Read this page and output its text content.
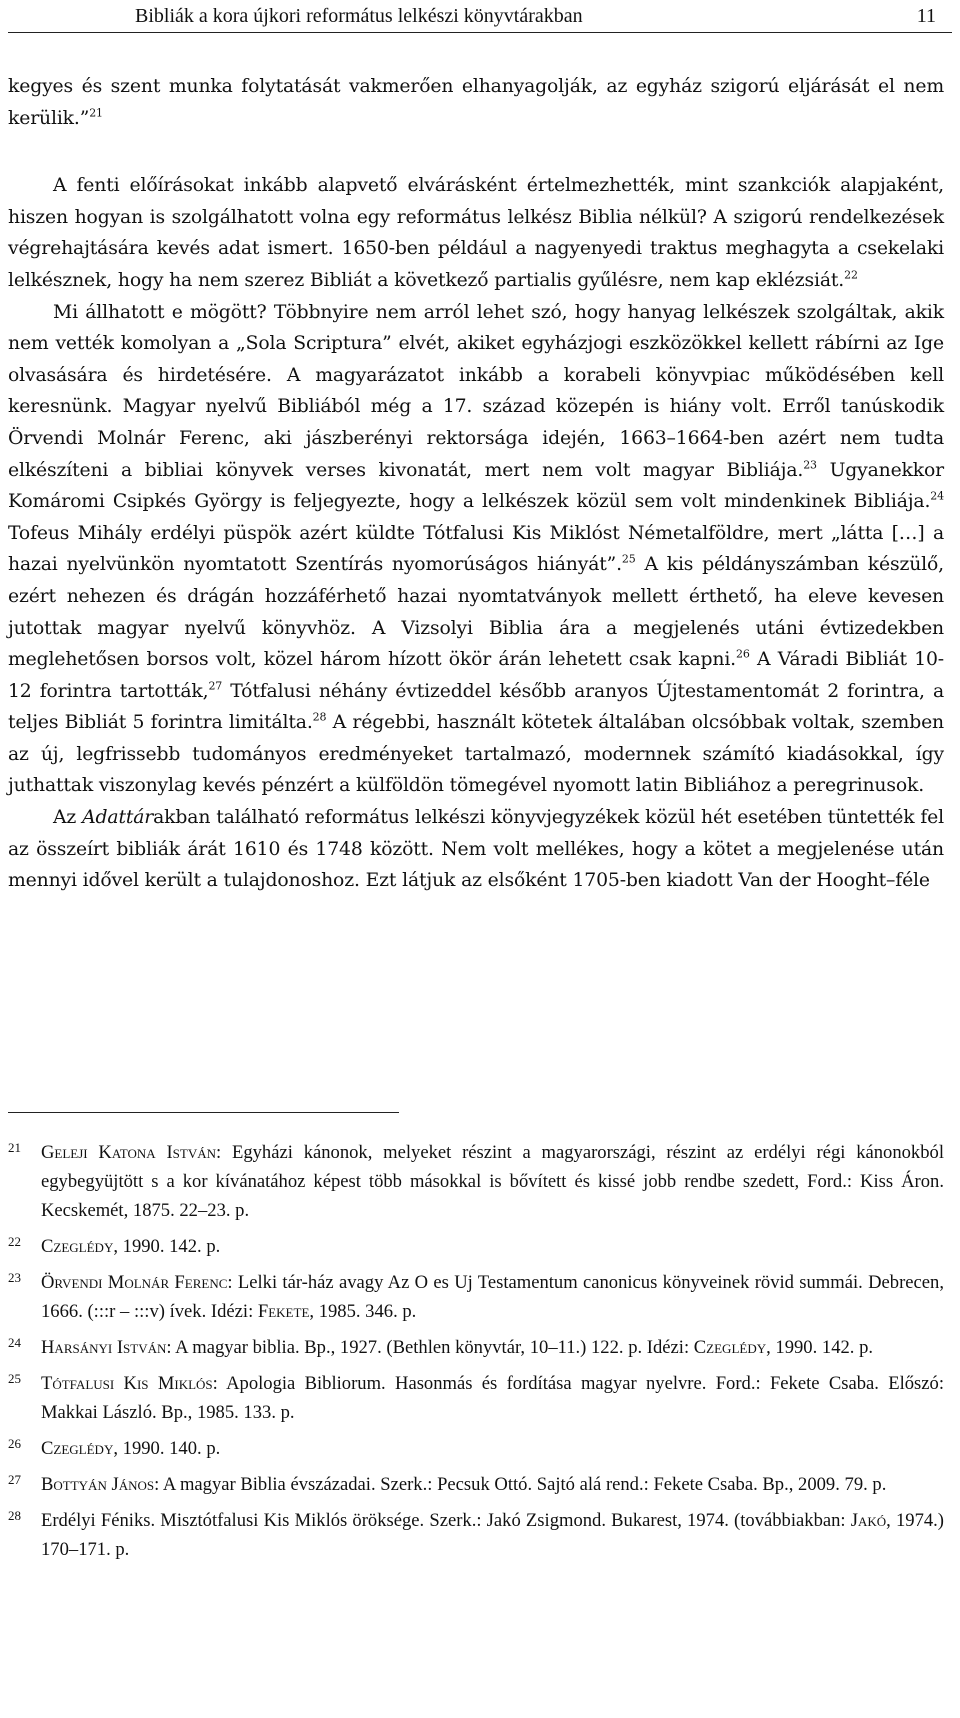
Bibliák a kora újkori református lelkészi könyvtárakban	11

kegyes és szent munka folytatását vakmerően elhanyagolják, az egyház szigorú eljárását el nem kerülik.”$^{21}$

A fenti előírásokat inkább alapvető elvárásként értelmezhették, mint szankciók alapjaként, hiszen hogyan is szolgálhatott volna egy református lelkész Biblia nélkül? A szigorú rendelkezések végrehajtására kevés adat ismert. 1650-ben például a nagyenyedi traktus meghagyta a csekelaki lelkésznek, hogy ha nem szerez Bibliát a következő partialis gyűlésre, nem kap eklézsiát.$^{22}$

Mi állhatott e mögött? Többnyire nem arról lehet szó, hogy hanyag lelkészek szolgáltak, akik nem vették komolyan a „Sola Scriptura” elvét, akiket egyházjogi eszközökkel kellett rábírni az Ige olvasására és hirdetésére. A magyarázatot inkább a korabeli könyvpiac működésében kell keresnünk. Magyar nyelvű Bibliából még a 17. század közepén is hiány volt. Erről tanúskodik Örvendi Molnár Ferenc, aki jászberényi rektorsága idején, 1663–1664-ben azért nem tudta elkészíteni a bibliai könyvek verses kivonatát, mert nem volt magyar Bibliája.$^{23}$ Ugyanekkor Komáromi Csipkés György is feljegyezte, hogy a lelkészek közül sem volt mindenkinek Bibliája.$^{24}$ Tofeus Mihály erdélyi püspök azért küldte Tótfalusi Kis Miklóst Németalföldre, mert „látta […] a hazai nyelvünkön nyomtatott Szentírás nyomorúságos hiányát”.$^{25}$ A kis példányszámban készülő, ezért nehezen és drágán hozzáférhető hazai nyomtatványok mellett érthető, ha eleve kevesen jutottak magyar nyelvű könyvhöz. A Vizsolyi Biblia ára a megjelenés utáni évtizedekben meglehetősen borsos volt, közel három hízott ökör árán lehetett csak kapni.$^{26}$ A Váradi Bibliát 10-12 forintra tartották,$^{27}$ Tótfalusi néhány évtizeddel később aranyos Újtestamentomát 2 forintra, a teljes Bibliát 5 forintra limitálta.$^{28}$ A régebbi, használt kötetek általában olcsóbbak voltak, szemben az új, legfrissebb tudományos eredményeket tartalmazó, modernnek számító kiadásokkal, így juthattak viszonylag kevés pénzért a külföldön tömegével nyomott latin Bibliához a peregrinusok.

Az Adattárakban található református lelkészi könyvjegyzékek közül hét esetében tüntették fel az összeírt bibliák árát 1610 és 1748 között. Nem volt mellékes, hogy a kötet a megjelenése után mennyi idővel került a tulajdonoshoz. Ezt látjuk az elsőként 1705-ben kiadott Van der Hooght–féle

21 Geleji Katona István: Egyházi kánonok, melyeket részint a magyarországi, részint az erdélyi régi kánonokból egybegyüjtött s a kor kívánatához képest több másokkal is bővített és kissé jobb rendbe szedett, Ford.: Kiss Áron. Kecskemét, 1875. 22–23. p.
22 Czeglédy, 1990. 142. p.
23 Örvendi Molnár Ferenc: Lelki tár-ház avagy Az O es Uj Testamentum canonicus könyveinek rövid summái. Debrecen, 1666. (:::r – :::v) ívek. Idézi: Fekete, 1985. 346. p.
24 Harsányi István: A magyar biblia. Bp., 1927. (Bethlen könyvtár, 10–11.) 122. p. Idézi: Czeglédy, 1990. 142. p.
25 Tótfalusi Kis Miklós: Apologia Bibliorum. Hasonmás és fordítása magyar nyelvre. Ford.: Fekete Csaba. Előszó: Makkai László. Bp., 1985. 133. p.
26 Czeglédy, 1990. 140. p.
27 Bottyán János: A magyar Biblia évszázadai. Szerk.: Pecsuk Ottó. Sajtó alá rend.: Fekete Csaba. Bp., 2009. 79. p.
28 Erdélyi Féniks. Misztótfalusi Kis Miklós öröksége. Szerk.: Jakó Zsigmond. Bukarest, 1974. (továbbiakban: Jakó, 1974.) 170–171. p.
